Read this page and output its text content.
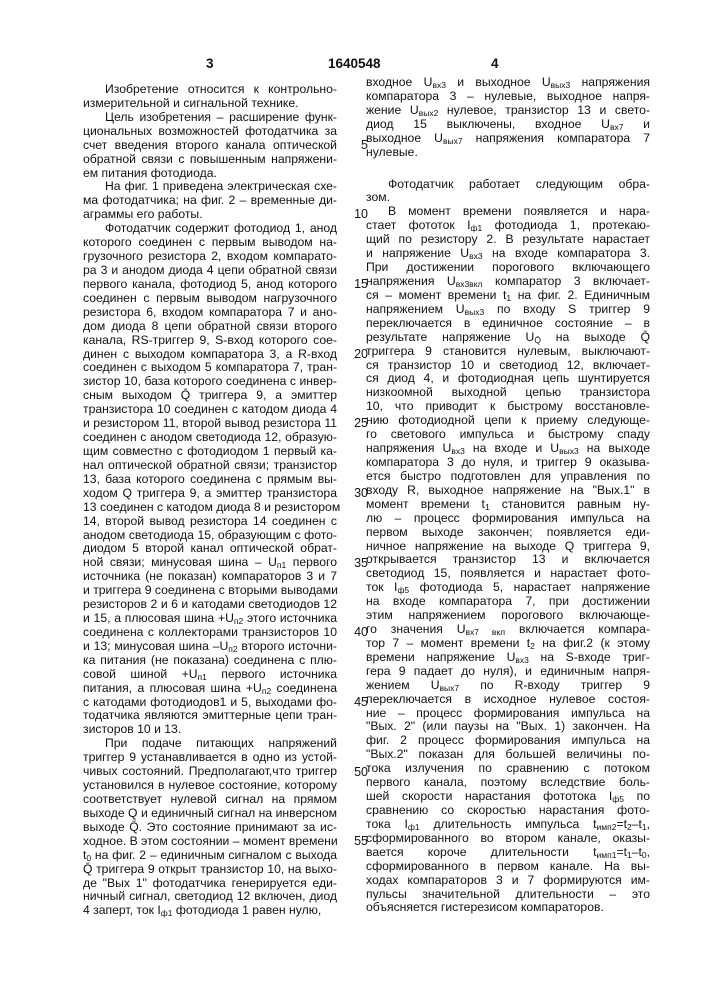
3	1640548	4
Изобретение относится к контрольно-
измерительной и сигнальной технике.
Цель изобретения – расширение функ-
циональных возможностей фотодатчика за
счет введения второго канала оптической
обратной связи с повышенным напряжени-
ем питания фотодиода.
На фиг. 1 приведена электрическая схе-
ма фотодатчика; на фиг. 2 – временные ди-
аграммы его работы.
Фотодатчик содержит фотодиод 1, анод
которого соединен с первым выводом на-
грузочного резистора 2, входом компарато-
ра 3 и анодом диода 4 цепи обратной связи
первого канала, фотодиод 5, анод которого
соединен с первым выводом нагрузочного
резистора 6, входом компаратора 7 и ано-
дом диода 8 цепи обратной связи второго
канала, RS-триггер 9, S-вход которого сое-
динен с выходом компаратора 3, а R-вход
соединен с выходом 5 компаратора 7, тран-
зистор 10, база которого соединена с инвер-
сным выходом Q̄ триггера 9, а эмиттер
транзистора 10 соединен с катодом диода 4
и резистором 11, второй вывод резистора 11
соединен с анодом светодиода 12, образую-
щим совместно с фотодиодом 1 первый ка-
нал оптической обратной связи; транзистор
13, база которого соединена с прямым вы-
ходом Q триггера 9, а эмиттер транзистора
13 соединен с катодом диода 8 и резистором
14, второй вывод резистора 14 соединен с
анодом светодиода 15, образующим с фото-
диодом 5 второй канал оптической обрат-
ной связи; минусовая шина – Uп1 первого
источника (не показан) компараторов 3 и 7
и триггера 9 соединена с вторыми выводами
резисторов 2 и 6 и катодами светодиодов 12
и 15, а плюсовая шина +Uп2 этого источника
соединена с коллекторами транзисторов 10
и 13; минусовая шина –Uп2 второго источни-
ка питания (не показана) соединена с плю-
совой шиной +Uп1 первого источника
питания, а плюсовая шина +Uп2 соединена
с катодами фотодиодов1 и 5, выходами фо-
тодатчика являются эмиттерные цепи тран-
зисторов 10 и 13.
При подаче питающих напряжений
триггер 9 устанавливается в одно из устой-
чивых состояний. Предполагают,что триггер
установился в нулевое состояние, которому
соответствует нулевой сигнал на прямом
выходе Q и единичный сигнал на инверсном
выходе Q̄. Это состояние принимают за ис-
ходное. В этом состоянии – момент времени
t0 на фиг. 2 – единичным сигналом с выхода
Q̄ триггера 9 открыт транзистор 10, на выхо-
де "Вых 1" фотодатчика генерируется еди-
ничный сигнал, светодиод 12 включен, диод
4 заперт, ток Iф1 фотодиода 1 равен нулю,
5
10
15
20
25
30
35
40
45
50
55
входное Uвх3 и выходное Uвых3 напряжения
компаратора 3 – нулевые, выходное напря-
жение Uвых2 нулевое, транзистор 13 и свето-
диод 15 выключены, входное Uвх7 и
выходное Uвых7 напряжения компаратора 7
нулевые.
Фотодатчик работает следующим обра-
зом.
В момент времени появляется и нара-
стает фототок Iф1 фотодиода 1, протекаю-
щий по резистору 2. В результате нарастает
и напряжение Uвх3 на входе компаратора 3.
При достижении порогового включающего
напряжения Uвх3вкл компаратор 3 включает-
ся – момент времени t1 на фиг. 2. Единичным
напряжением Uвых3 по входу S триггер 9
переключается в единичное состояние – в
результате напряжение UQ̄ на выходе Q̄
триггера 9 становится нулевым, выключают-
ся транзистор 10 и светодиод 12, включает-
ся диод 4, и фотодиодная цепь шунтируется
низкоомной выходной цепью транзистора
10, что приводит к быстрому восстановле-
нию фотодиодной цепи к приему следующе-
го светового импульса и быстрому спаду
напряжения Uвх3 на входе и Uвых3 на выходе
компаратора 3 до нуля, и триггер 9 оказыва-
ется быстро подготовлен для управления по
входу R, выходное напряжение на "Вых.1" в
момент времени t1 становится равным ну-
лю – процесс формирования импульса на
первом выходе закончен; появляется еди-
ничное напряжение на выходе Q триггера 9,
открывается транзистор 13 и включается
светодиод 15, появляется и нарастает фото-
ток Iф5 фотодиода 5, нарастает напряжение
на входе компаратора 7, при достижении
этим напряжением порогового включающе-
го значения Uвх7 вкл включается компара-
тор 7 – момент времени t2 на фиг.2 (к этому
времени напряжение Uвх3 на S-входе триг-
гера 9 падает до нуля), и единичным напря-
жением Uвых7 по R-входу триггер 9
переключается в исходное нулевое состоя-
ние – процесс формирования импульса на
"Вых. 2" (или паузы на "Вых. 1) закончен. На
фиг. 2 процесс формирования импульса на
"Вых.2" показан для большей величины по-
тока излучения по сравнению с потоком
первого канала, поэтому вследствие боль-
шей скорости нарастания фототока Iф5 по
сравнению со скоростью нарастания фото-
тока Iф1 длительность импульса tимп2=t2–t1,
сформированного во втором канале, оказы-
вается короче длительности tимп1=t1–t0,
сформированного в первом канале. На вы-
ходах компараторов 3 и 7 формируются им-
пульсы значительной длительности – это
объясняется гистерезисом компараторов.
